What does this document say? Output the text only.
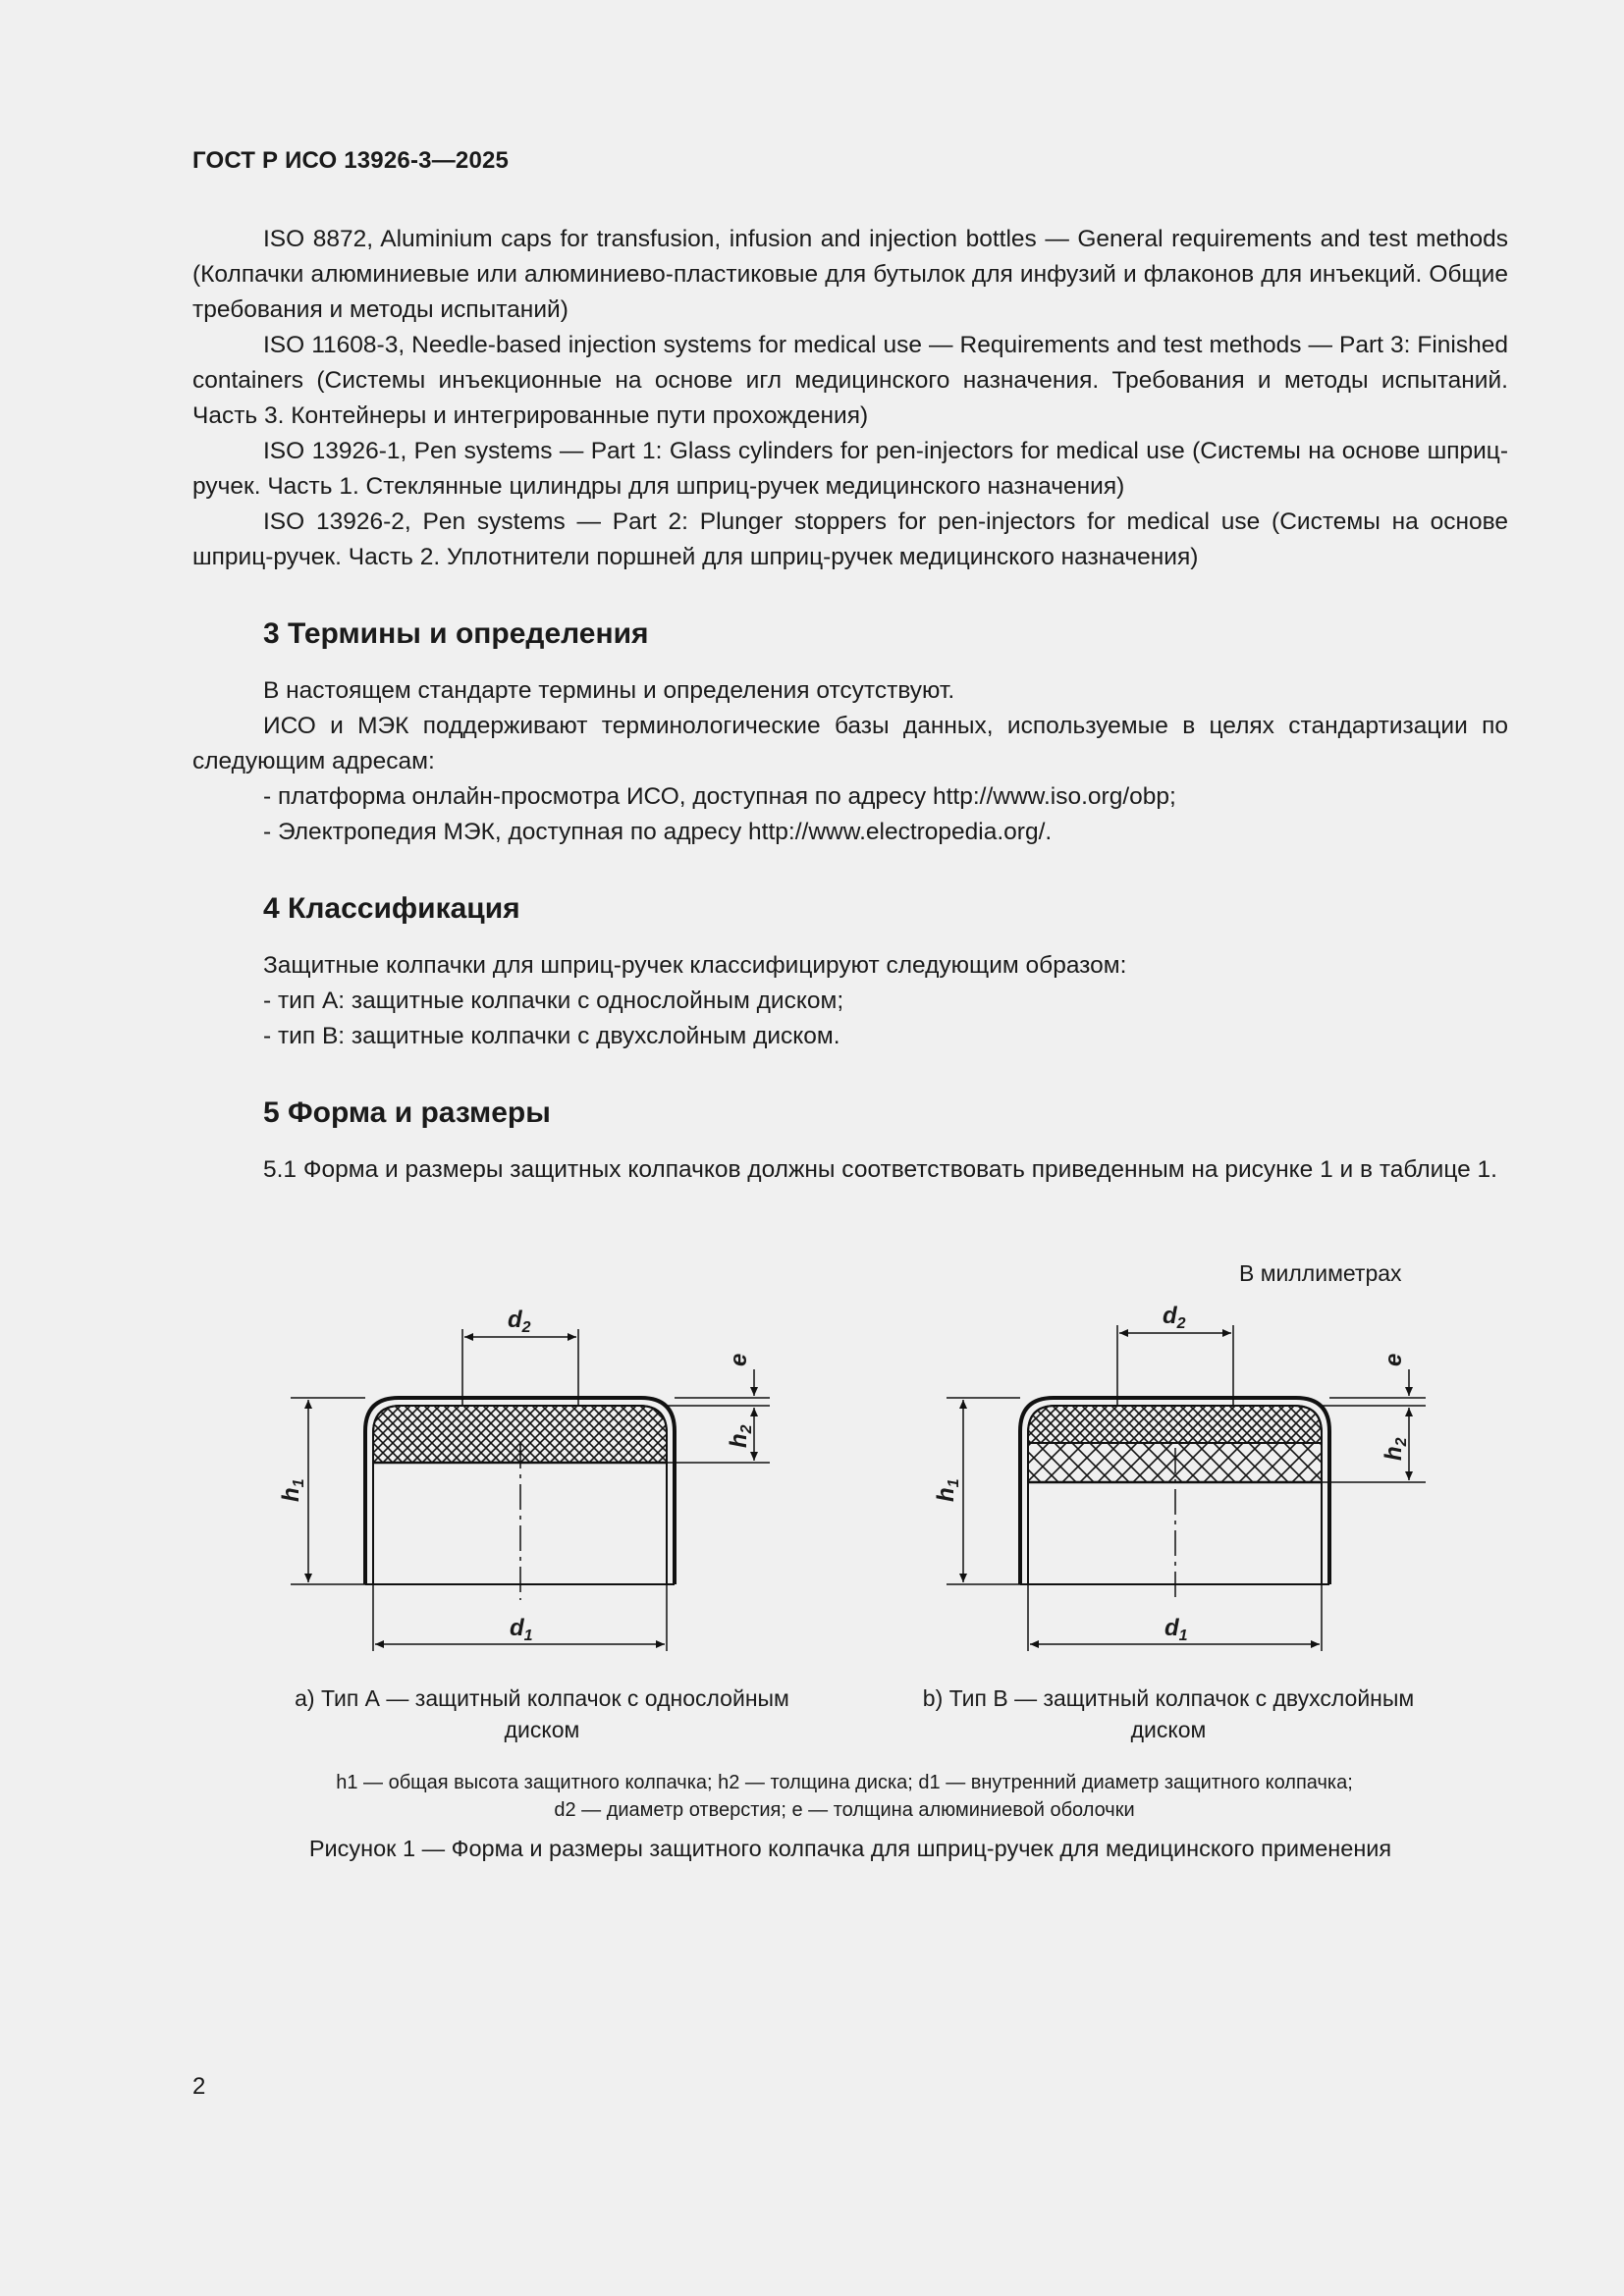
ГОСТ Р ИСО 13926-3—2025

ISO 8872, Aluminium caps for transfusion, infusion and injection bottles — General requirements and test methods (Колпачки алюминиевые или алюминиево-пластиковые для бутылок для инфузий и флаконов для инъекций. Общие требования и методы испытаний)

ISO 11608-3, Needle-based injection systems for medical use — Requirements and test methods — Part 3: Finished containers (Системы инъекционные на основе игл медицинского назначения. Требования и методы испытаний. Часть 3. Контейнеры и интегрированные пути прохождения)

ISO 13926-1, Pen systems — Part 1: Glass cylinders for pen-injectors for medical use (Системы на основе шприц-ручек. Часть 1. Стеклянные цилиндры для шприц-ручек медицинского назначения)

ISO 13926-2, Pen systems — Part 2: Plunger stoppers for pen-injectors for medical use (Системы на основе шприц-ручек. Часть 2. Уплотнители поршней для шприц-ручек медицинского назначения)

3 Термины и определения

В настоящем стандарте термины и определения отсутствуют.

ИСО и МЭК поддерживают терминологические базы данных, используемые в целях стандартизации по следующим адресам:

- платформа онлайн-просмотра ИСО, доступная по адресу http://www.iso.org/obp;

- Электропедия МЭК, доступная по адресу http://www.electropedia.org/.

4 Классификация

Защитные колпачки для шприц-ручек классифицируют следующим образом:

- тип А: защитные колпачки с однослойным диском;

- тип В: защитные колпачки с двухслойным диском.

5 Форма и размеры

5.1 Форма и размеры защитных колпачков должны соответствовать приведенным на рисунке 1 и в таблице 1.

В миллиметрах
$d_2$
$d_1$
$h_1$
$h_2$
e
$d_2$
$d_1$
$h_1$
$h_2$
e
a) Тип А — защитный колпачок с однослойным диском
b) Тип В — защитный колпачок с двухслойным диском
h1 — общая высота защитного колпачка; h2 — толщина диска; d1 — внутренний диаметр защитного колпачка;
d2 — диаметр отверстия; e — толщина алюминиевой оболочки
Рисунок 1 — Форма и размеры защитного колпачка для шприц-ручек для медицинского применения
2
